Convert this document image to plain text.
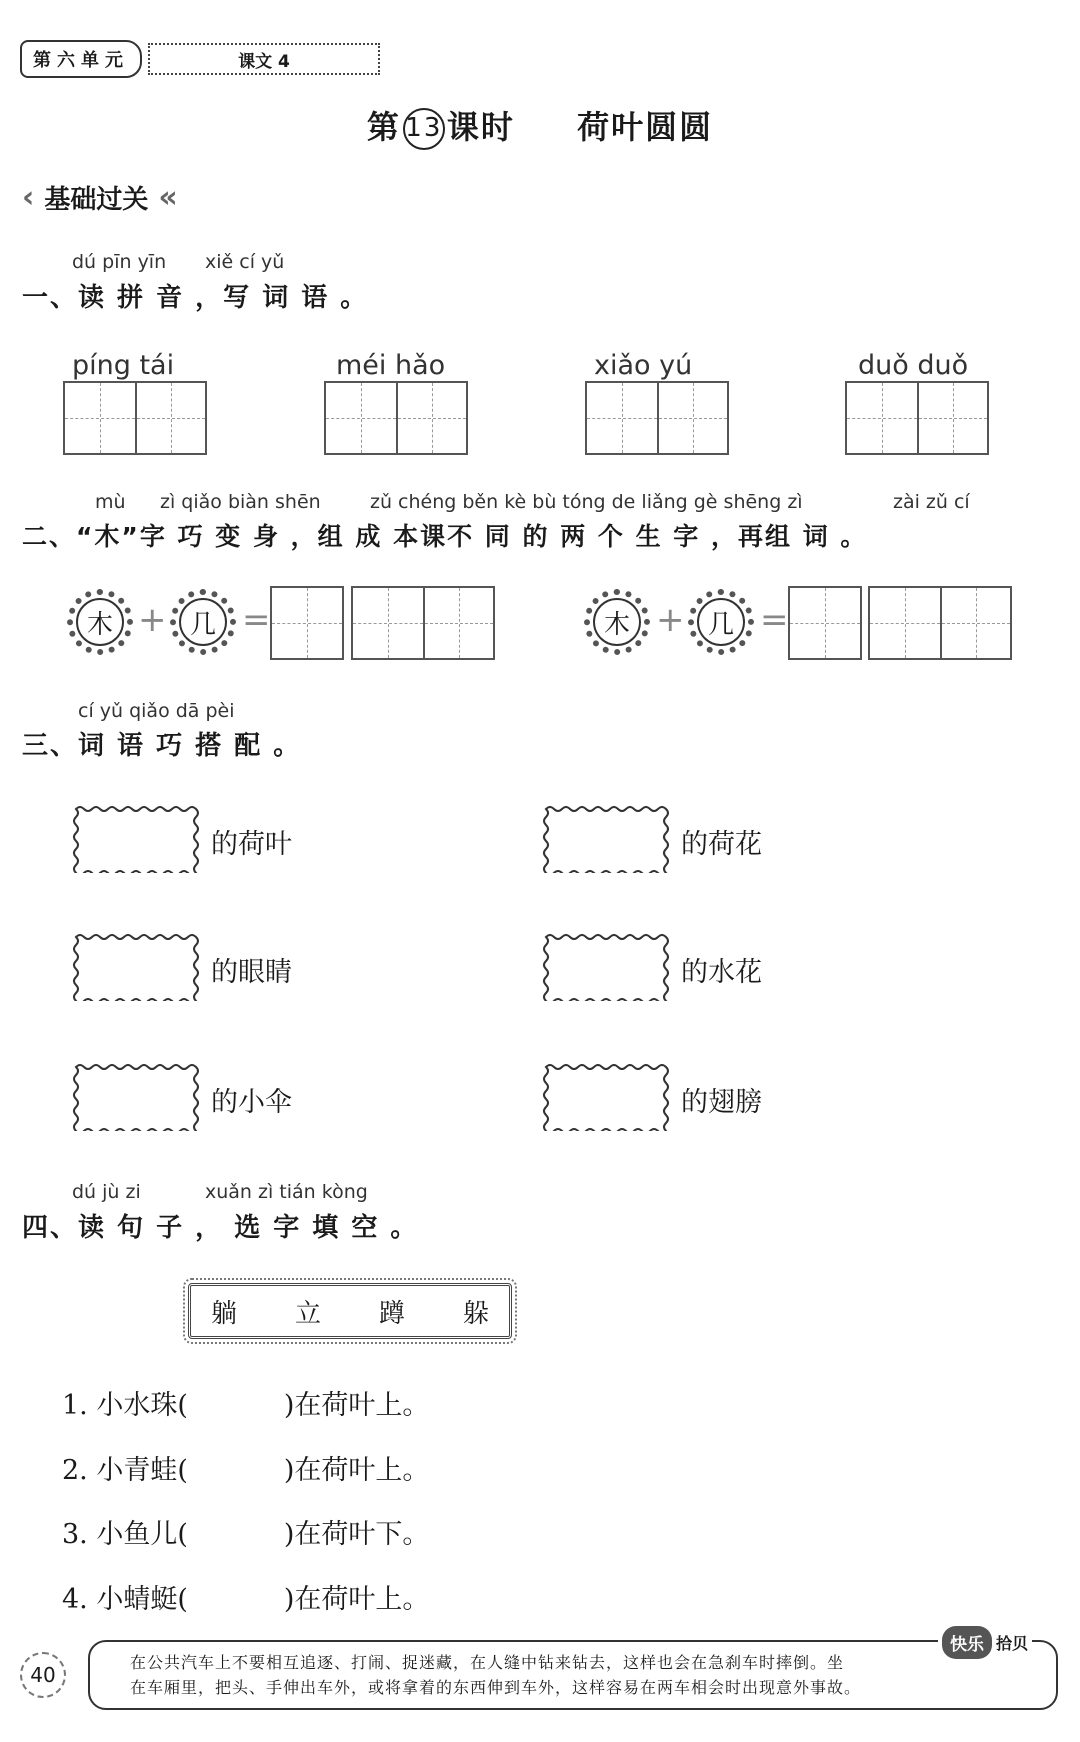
第六单元	课文 4
第 13 课时 荷叶圆圆
‹ 基础过关 «
dú pīn yīn xiě cí yǔ
一、读 拼 音 ，写 词 语 。
píng tái	méi hǎo	xiǎo yú	duǒ duǒ
mù zì qiǎo biàn shēn	zǔ chéng běn kè bù tóng de liǎng gè shēng zì	zài zǔ cí
二、“木”字 巧 变 身 ，组 成 本课不 同 的 两 个 生 字 ，再组 词 。
木 + 几 =	木 + 几 =
cí yǔ qiǎo dā pèi
三、词 语 巧 搭 配 。
的荷叶	的荷花
的眼睛	的水花
的小伞	的翅膀
dú jù zi	xuǎn zì tián kòng
四、读 句 子 ， 选 字 填 空 。
躺 立 蹲 躲
1. 小水珠(	)在荷叶上。
2. 小青蛙(	)在荷叶上。
3. 小鱼儿(	)在荷叶下。
4. 小蜻蜓(	)在荷叶上。
40
在公共汽车上不要相互追逐、打闹、捉迷藏，在人缝中钻来钻去，这样也会在急刹车时摔倒。坐
在车厢里，把头、手伸出车外，或将拿着的东西伸到车外，这样容易在两车相会时出现意外事故。
快乐 拾贝
